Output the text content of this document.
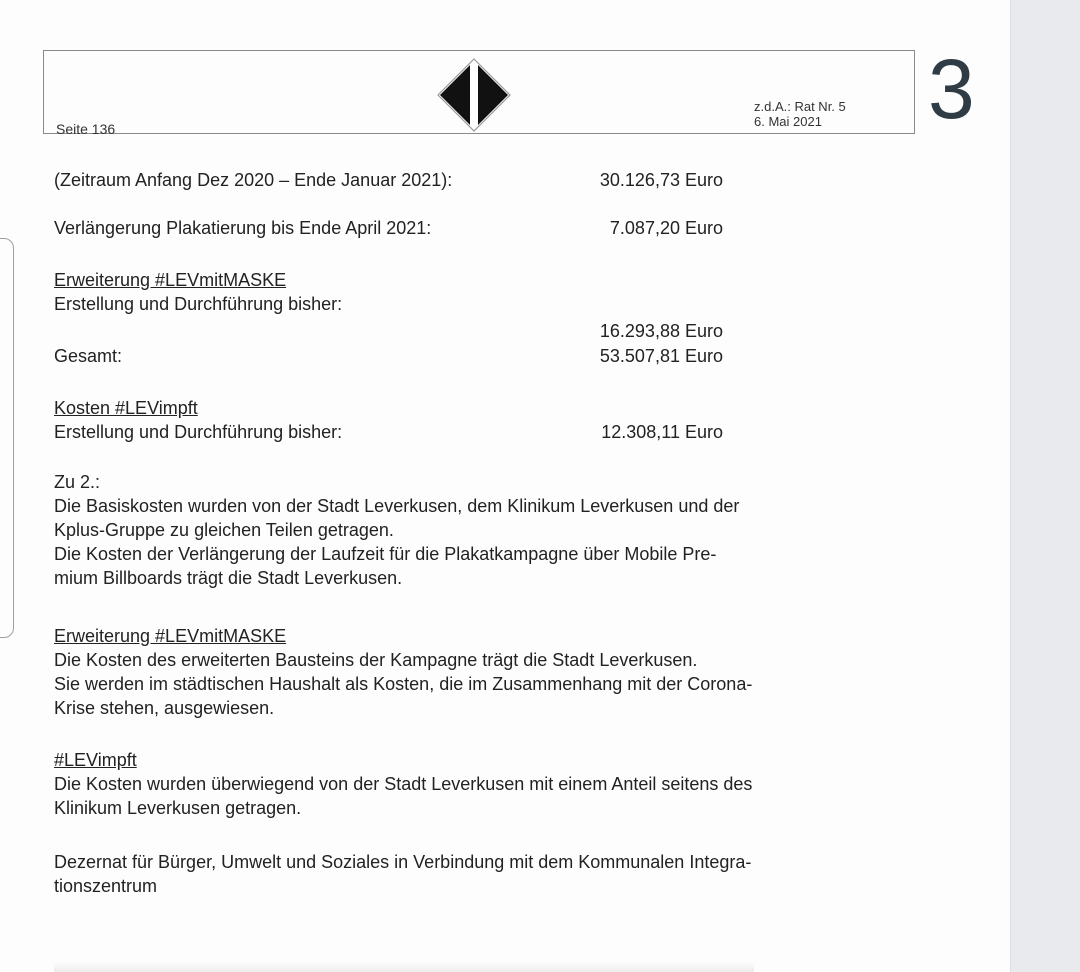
Seite 136
z.d.A.: Rat Nr. 5
6. Mai 2021 3
(Zeitraum Anfang Dez 2020 – Ende Januar 2021):	30.126,73 Euro
Verlängerung Plakatierung bis Ende April 2021:	7.087,20 Euro
Erweiterung #LEVmitMASKE
Erstellung und Durchführung bisher:
16.293,88 Euro
Gesamt:	53.507,81 Euro
Kosten #LEVimpft
Erstellung und Durchführung bisher:	12.308,11 Euro
Zu 2.:
Die Basiskosten wurden von der Stadt Leverkusen, dem Klinikum Leverkusen und der
Kplus-Gruppe zu gleichen Teilen getragen.
Die Kosten der Verlängerung der Laufzeit für die Plakatkampagne über Mobile Pre-
mium Billboards trägt die Stadt Leverkusen.
Erweiterung #LEVmitMASKE
Die Kosten des erweiterten Bausteins der Kampagne trägt die Stadt Leverkusen.
Sie werden im städtischen Haushalt als Kosten, die im Zusammenhang mit der Corona-
Krise stehen, ausgewiesen.
#LEVimpft
Die Kosten wurden überwiegend von der Stadt Leverkusen mit einem Anteil seitens des
Klinikum Leverkusen getragen.
Dezernat für Bürger, Umwelt und Soziales in Verbindung mit dem Kommunalen Integra-
tionszentrum
